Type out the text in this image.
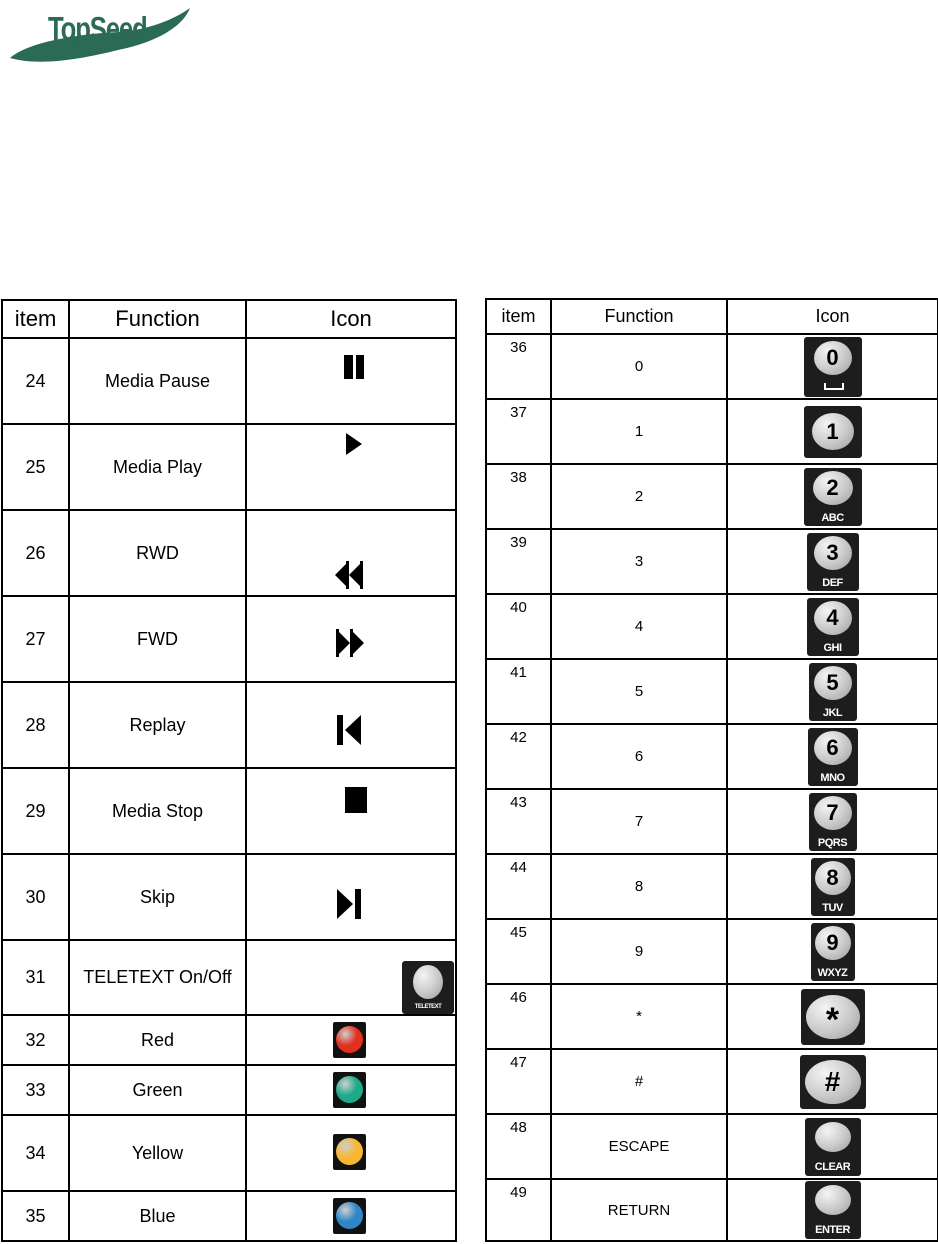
TopSeed
item	Function	Icon
24	Media Pause	

25	Media Play	

26	RWD	

27	FWD	

28	Replay	

29	Media Stop	

30	Skip	

31	TELETEXT On/Off	TELETEXT

32	Red	

33	Green	

34	Yellow	

35	Blue	
item	Function	Icon
36	0	0

37	1	1

38	2	2
ABC

39	3	3
DEF

40	4	4
GHI

41	5	5
JKL

42	6	6
MNO

43	7	7
PQRS

44	8	8
TUV

45	9	9
WXYZ

46	*	*

47	#	#

48	ESCAPE	CLEAR

49	RETURN	ENTER
